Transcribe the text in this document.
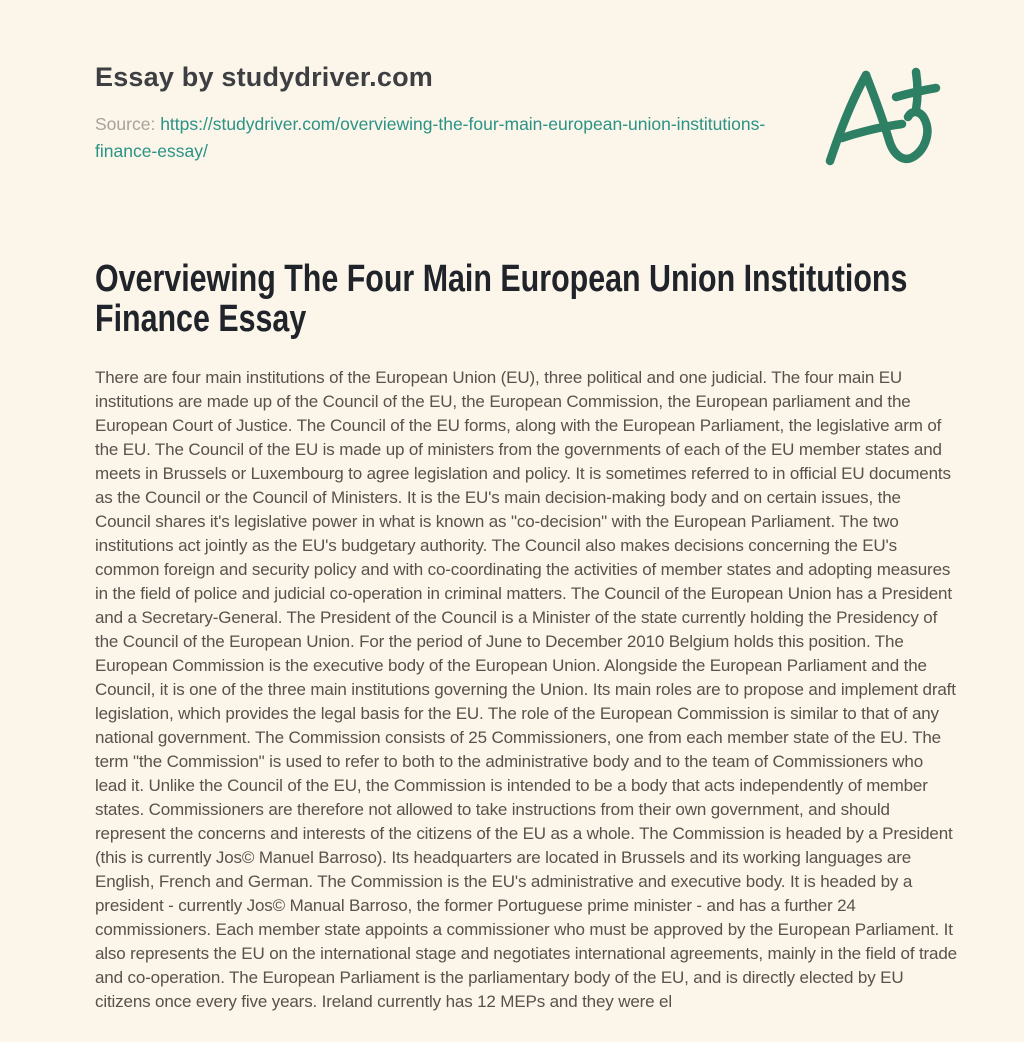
Essay by studydriver.com

Source: https://studydriver.com/overviewing-the-four-main-european-union-institutions-finance-essay/

Overviewing The Four Main European Union Institutions
Finance Essay

There are four main institutions of the European Union (EU), three political and one judicial. The four main EU institutions are made up of the Council of the EU, the European Commission, the European parliament and the European Court of Justice. The Council of the EU forms, along with the European Parliament, the legislative arm of the EU. The Council of the EU is made up of ministers from the governments of each of the EU member states and meets in Brussels or Luxembourg to agree legislation and policy. It is sometimes referred to in official EU documents as the Council or the Council of Ministers. It is the EU's main decision-making body and on certain issues, the Council shares it's legislative power in what is known as "co-decision" with the European Parliament. The two institutions act jointly as the EU's budgetary authority. The Council also makes decisions concerning the EU's common foreign and security policy and with co-coordinating the activities of member states and adopting measures in the field of police and judicial co-operation in criminal matters. The Council of the European Union has a President and a Secretary-General. The President of the Council is a Minister of the state currently holding the Presidency of the Council of the European Union. For the period of June to December 2010 Belgium holds this position. The European Commission is the executive body of the European Union. Alongside the European Parliament and the Council, it is one of the three main institutions governing the Union. Its main roles are to propose and implement draft legislation, which provides the legal basis for the EU. The role of the European Commission is similar to that of any national government. The Commission consists of 25 Commissioners, one from each member state of the EU. The term "the Commission" is used to refer to both to the administrative body and to the team of Commissioners who lead it. Unlike the Council of the EU, the Commission is intended to be a body that acts independently of member states. Commissioners are therefore not allowed to take instructions from their own government, and should represent the concerns and interests of the citizens of the EU as a whole. The Commission is headed by a President (this is currently Jos© Manuel Barroso). Its headquarters are located in Brussels and its working languages are English, French and German. The Commission is the EU's administrative and executive body. It is headed by a president - currently Jos© Manual Barroso, the former Portuguese prime minister - and has a further 24 commissioners. Each member state appoints a commissioner who must be approved by the European Parliament. It also represents the EU on the international stage and negotiates international agreements, mainly in the field of trade and co-operation. The European Parliament is the parliamentary body of the EU, and is directly elected by EU citizens once every five years. Ireland currently has 12 MEPs and they were el
